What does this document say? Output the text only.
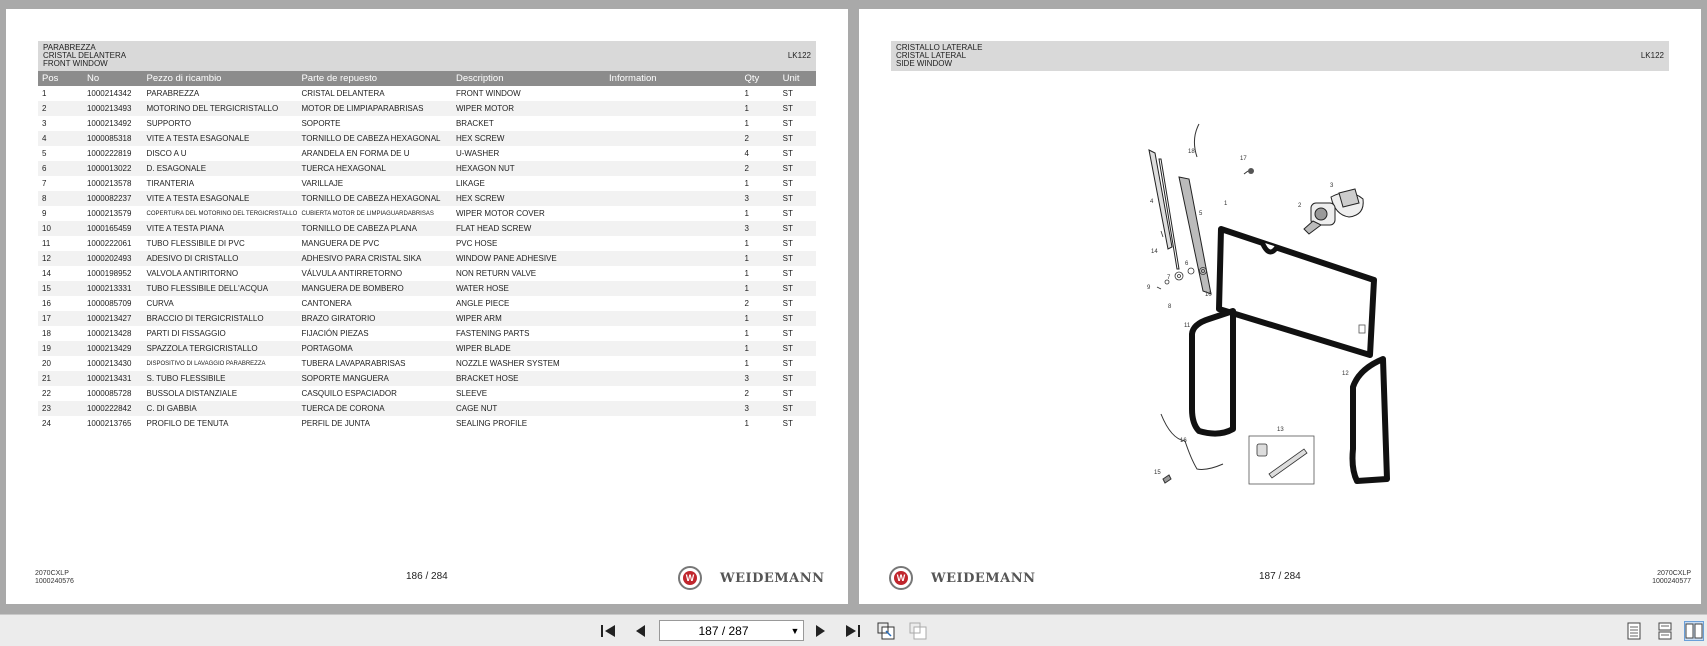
PARABREZZA
CRISTAL DELANTERA
FRONT WINDOW
LK122
Pos	No	Pezzo di ricambio	Parte de repuesto	Description	Information	Qty	Unit
1	1000214342	PARABREZZA	CRISTAL DELANTERA	FRONT WINDOW		1	ST
2	1000213493	MOTORINO DEL TERGICRISTALLO	MOTOR DE LIMPIAPARABRISAS	WIPER MOTOR		1	ST
3	1000213492	SUPPORTO	SOPORTE	BRACKET		1	ST
4	1000085318	VITE A TESTA ESAGONALE	TORNILLO DE CABEZA HEXAGONAL	HEX SCREW		2	ST
5	1000222819	DISCO A U	ARANDELA EN FORMA DE U	U-WASHER		4	ST
6	1000013022	D. ESAGONALE	TUERCA HEXAGONAL	HEXAGON NUT		2	ST
7	1000213578	TIRANTERIA	VARILLAJE	LIKAGE		1	ST
8	1000082237	VITE A TESTA ESAGONALE	TORNILLO DE CABEZA HEXAGONAL	HEX SCREW		3	ST
9	1000213579	COPERTURA DEL MOTORINO DEL TERGICRISTALLO	CUBIERTA MOTOR DE LIMPIAGUARDABRISAS	WIPER MOTOR COVER		1	ST
10	1000165459	VITE A TESTA PIANA	TORNILLO DE CABEZA PLANA	FLAT HEAD SCREW		3	ST
11	1000222061	TUBO FLESSIBILE DI PVC	MANGUERA DE PVC	PVC HOSE		1	ST
12	1000202493	ADESIVO DI CRISTALLO	ADHESIVO PARA CRISTAL SIKA	WINDOW PANE ADHESIVE		1	ST
14	1000198952	VALVOLA ANTIRITORNO	VÁLVULA ANTIRRETORNO	NON RETURN VALVE		1	ST
15	1000213331	TUBO FLESSIBILE DELL'ACQUA	MANGUERA DE BOMBERO	WATER HOSE		1	ST
16	1000085709	CURVA	CANTONERA	ANGLE PIECE		2	ST
17	1000213427	BRACCIO DI TERGICRISTALLO	BRAZO GIRATORIO	WIPER ARM		1	ST
18	1000213428	PARTI DI FISSAGGIO	FIJACIÓN PIEZAS	FASTENING PARTS		1	ST
19	1000213429	SPAZZOLA TERGICRISTALLO	PORTAGOMA	WIPER BLADE		1	ST
20	1000213430	DISPOSITIVO DI LAVAGGIO PARABREZZA	TUBERA LAVAPARABRISAS	NOZZLE WASHER SYSTEM		1	ST
21	1000213431	S. TUBO FLESSIBILE	SOPORTE MANGUERA	BRACKET HOSE		3	ST
22	1000085728	BUSSOLA DISTANZIALE	CASQUILO ESPACIADOR	SLEEVE		2	ST
23	1000222842	C. DI GABBIA	TUERCA DE CORONA	CAGE NUT		3	ST
24	1000213765	PROFILO DE TENUTA	PERFIL DE JUNTA	SEALING PROFILE		1	ST
2070CXLP
1000240576	186 / 284	W WEIDEMANN
CRISTALLO LATERALE
CRISTAL LATERAL
SIDE WINDOW
LK122
18
17
3
4
5
1	2
14
6
7
9
8
10
11
12
13
15
16
W WEIDEMANN	187 / 284	2070CXLP
1000240577
187 / 287	▼
